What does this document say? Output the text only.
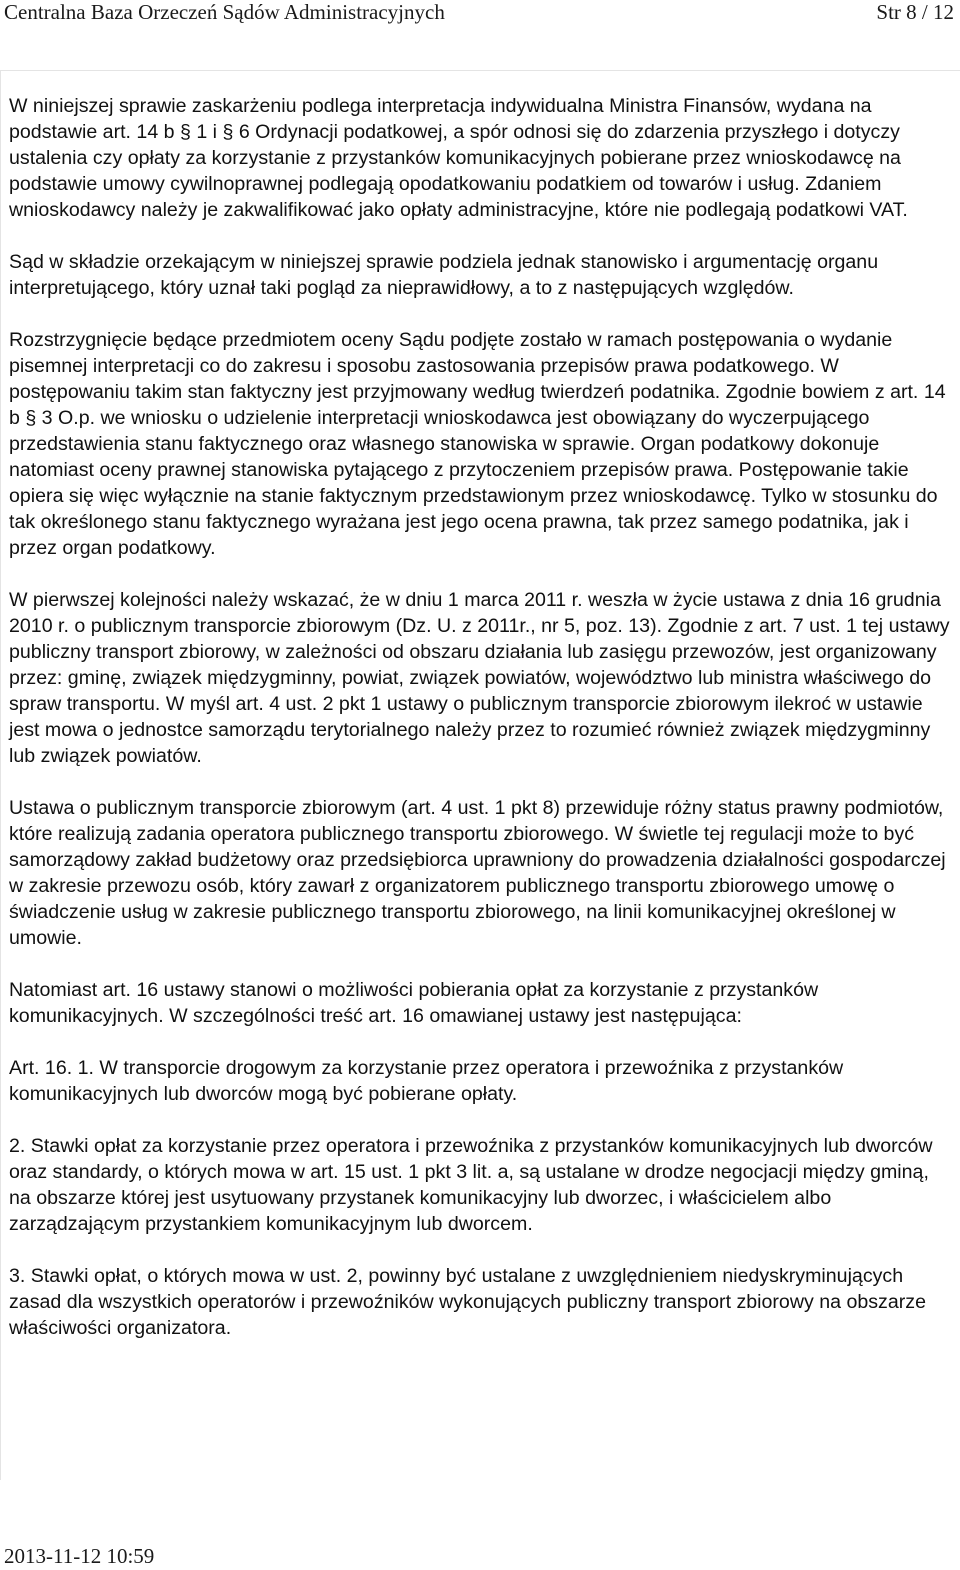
Centralna Baza Orzeczeń Sądów Administracyjnych	Str 8 / 12

W niniejszej sprawie zaskarżeniu podlega interpretacja indywidualna Ministra Finansów, wydana na podstawie art. 14 b § 1 i § 6 Ordynacji podatkowej, a spór odnosi się do zdarzenia przyszłego i dotyczy ustalenia czy opłaty za korzystanie z przystanków komunikacyjnych pobierane przez wnioskodawcę na podstawie umowy cywilnoprawnej podlegają opodatkowaniu podatkiem od towarów i usług. Zdaniem wnioskodawcy należy je zakwalifikować jako opłaty administracyjne, które nie podlegają podatkowi VAT.

Sąd w składzie orzekającym w niniejszej sprawie podziela jednak stanowisko i argumentację organu interpretującego, który uznał taki pogląd za nieprawidłowy, a to z następujących względów.

Rozstrzygnięcie będące przedmiotem oceny Sądu podjęte zostało w ramach postępowania o wydanie pisemnej interpretacji co do zakresu i sposobu zastosowania przepisów prawa podatkowego. W postępowaniu takim stan faktyczny jest przyjmowany według twierdzeń podatnika. Zgodnie bowiem z art. 14 b § 3 O.p. we wniosku o udzielenie interpretacji wnioskodawca jest obowiązany do wyczerpującego przedstawienia stanu faktycznego oraz własnego stanowiska w sprawie. Organ podatkowy dokonuje natomiast oceny prawnej stanowiska pytającego z przytoczeniem przepisów prawa. Postępowanie takie opiera się więc wyłącznie na stanie faktycznym przedstawionym przez wnioskodawcę. Tylko w stosunku do tak określonego stanu faktycznego wyrażana jest jego ocena prawna, tak przez samego podatnika, jak i przez organ podatkowy.

W pierwszej kolejności należy wskazać, że w dniu 1 marca 2011 r. weszła w życie ustawa z dnia 16 grudnia 2010 r. o publicznym transporcie zbiorowym (Dz. U. z 2011r., nr 5, poz. 13). Zgodnie z art. 7 ust. 1 tej ustawy publiczny transport zbiorowy, w zależności od obszaru działania lub zasięgu przewozów, jest organizowany przez: gminę, związek międzygminny, powiat, związek powiatów, województwo lub ministra właściwego do spraw transportu. W myśl art. 4 ust. 2 pkt 1 ustawy o publicznym transporcie zbiorowym ilekroć w ustawie jest mowa o jednostce samorządu terytorialnego należy przez to rozumieć również związek międzygminny lub związek powiatów.

Ustawa o publicznym transporcie zbiorowym (art. 4 ust. 1 pkt 8) przewiduje różny status prawny podmiotów, które realizują zadania operatora publicznego transportu zbiorowego. W świetle tej regulacji może to być samorządowy zakład budżetowy oraz przedsiębiorca uprawniony do prowadzenia działalności gospodarczej w zakresie przewozu osób, który zawarł z organizatorem publicznego transportu zbiorowego umowę o świadczenie usług w zakresie publicznego transportu zbiorowego, na linii komunikacyjnej określonej w umowie.

Natomiast art. 16 ustawy stanowi o możliwości pobierania opłat za korzystanie z przystanków komunikacyjnych. W szczególności treść art. 16 omawianej ustawy jest następująca:

Art. 16. 1. W transporcie drogowym za korzystanie przez operatora i przewoźnika z przystanków komunikacyjnych lub dworców mogą być pobierane opłaty.

2. Stawki opłat za korzystanie przez operatora i przewoźnika z przystanków komunikacyjnych lub dworców oraz standardy, o których mowa w art. 15 ust. 1 pkt 3 lit. a, są ustalane w drodze negocjacji między gminą, na obszarze której jest usytuowany przystanek komunikacyjny lub dworzec, i właścicielem albo zarządzającym przystankiem komunikacyjnym lub dworcem.

3. Stawki opłat, o których mowa w ust. 2, powinny być ustalane z uwzględnieniem niedyskryminujących zasad dla wszystkich operatorów i przewoźników wykonujących publiczny transport zbiorowy na obszarze właściwości organizatora.

2013-11-12 10:59
